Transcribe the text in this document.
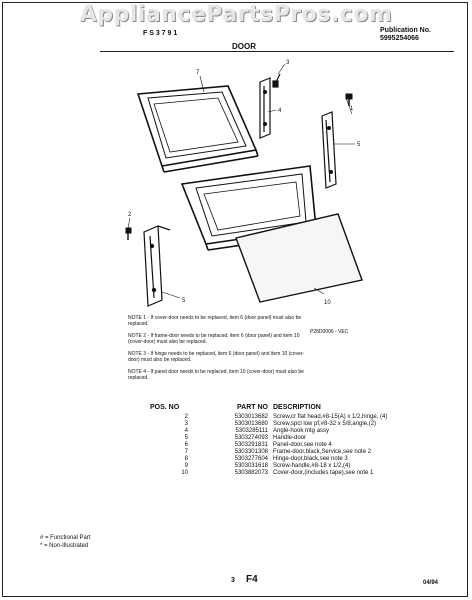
AppliancePartsPros.com
F S 3 7 9 1	Publication No.
5995254066
DOOR
7
3
4	1
5
2
5	10
NOTE 1 - If cover-door needs to be replaced, item 6 (door panel) must also be replaced.
NOTE 2 - If frame-door needs to be replaced, item 6 (door panel) and item 10 (cover-door) must also be replaced.
NOTE 3 - If hinge needs to be replaced, item 6 (door panel) and item 10 (cover-door) must also be replaced.
NOTE 4 - If panel door needs to be replaced, item 10 (cover-door) must also be replaced.
P28D0006 - VEC
POS. NO	PART NO	DESCRIPTION
2	5303013682	Screw,cr flat head,#8-15(A) x 1/2,hinge, (4)
3	5303013680	Screw,spcl low pf,#8-32 x 5/8,angle,(2)
4	5303285111	Angle-hook mtg assy
5	5303274093	Handle-door
6	5303291831	Panel-door,see note 4
7	5303301308	Frame-door,black,Service,see note 2
8	5303277604	Hinge-door,black,see note 3
9	5303031618	Screw-handle,#8-18 x 1/2,(4)
10	5303882073	Cover-door,(includes tape),see note 1
# = Functional Part
* = Non-Illustrated
3 F4	04/94
